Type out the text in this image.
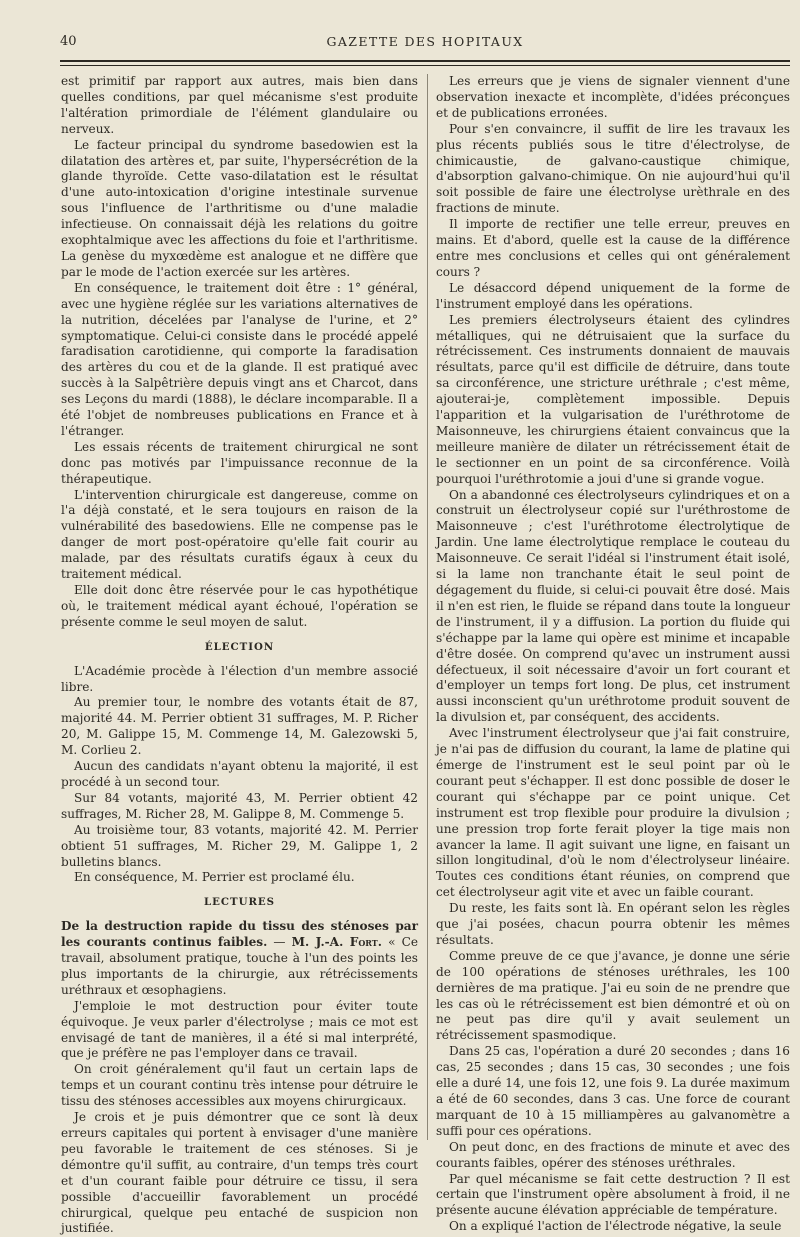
40	GAZETTE DES HOPITAUX

est primitif par rapport aux autres, mais bien dans quelles conditions, par quel mécanisme s'est produite l'altération primordiale de l'élément glandulaire ou nerveux.

Le facteur principal du syndrome basedowien est la dilatation des artères et, par suite, l'hypersécrétion de la glande thyroïde. Cette vaso-dilatation est le résultat d'une auto-intoxication d'origine intestinale survenue sous l'influence de l'arthritisme ou d'une maladie infectieuse. On connaissait déjà les relations du goitre exophtalmique avec les affections du foie et l'arthritisme. La genèse du myxœdème est analogue et ne diffère que par le mode de l'action exercée sur les artères.

En conséquence, le traitement doit être : 1° général, avec une hygiène réglée sur les variations alternatives de la nutrition, décelées par l'analyse de l'urine, et 2° symptomatique. Celui-ci consiste dans le procédé appelé faradisation carotidienne, qui comporte la faradisation des artères du cou et de la glande. Il est pratiqué avec succès à la Salpêtrière depuis vingt ans et Charcot, dans ses Leçons du mardi (1888), le déclare incomparable. Il a été l'objet de nombreuses publications en France et à l'étranger.

Les essais récents de traitement chirurgical ne sont donc pas motivés par l'impuissance reconnue de la thérapeutique.

L'intervention chirurgicale est dangereuse, comme on l'a déjà constaté, et le sera toujours en raison de la vulnérabilité des basedowiens. Elle ne compense pas le danger de mort post-opératoire qu'elle fait courir au malade, par des résultats curatifs égaux à ceux du traitement médical.

Elle doit donc être réservée pour le cas hypothétique où, le traitement médical ayant échoué, l'opération se présente comme le seul moyen de salut.

ÉLECTION

L'Académie procède à l'élection d'un membre associé libre.

Au premier tour, le nombre des votants était de 87, majorité 44. M. Perrier obtient 31 suffrages, M. P. Richer 20, M. Galippe 15, M. Commenge 14, M. Galezowski 5, M. Corlieu 2.

Aucun des candidats n'ayant obtenu la majorité, il est procédé à un second tour.

Sur 84 votants, majorité 43, M. Perrier obtient 42 suffrages, M. Richer 28, M. Galippe 8, M. Commenge 5.

Au troisième tour, 83 votants, majorité 42. M. Perrier obtient 51 suffrages, M. Richer 29, M. Galippe 1, 2 bulletins blancs.

En conséquence, M. Perrier est proclamé élu.

LECTURES

De la destruction rapide du tissu des sténoses par les courants continus faibles. — M. J.-A. Fort. « Ce travail, absolument pratique, touche à l'un des points les plus importants de la chirurgie, aux rétrécissements uréthraux et œsophagiens.

J'emploie le mot destruction pour éviter toute équivoque. Je veux parler d'électrolyse ; mais ce mot est envisagé de tant de manières, il a été si mal interprété, que je préfère ne pas l'employer dans ce travail.

On croit généralement qu'il faut un certain laps de temps et un courant continu très intense pour détruire le tissu des sténoses accessibles aux moyens chirurgicaux.

Je crois et je puis démontrer que ce sont là deux erreurs capitales qui portent à envisager d'une manière peu favorable le traitement de ces sténoses. Si je démontre qu'il suffit, au contraire, d'un temps très court et d'un courant faible pour détruire ce tissu, il sera possible d'accueillir favorablement un procédé chirurgical, quelque peu entaché de suspicion non justifiée.

Les erreurs que je viens de signaler viennent d'une observation inexacte et incomplète, d'idées préconçues et de publications erronées.

Pour s'en convaincre, il suffit de lire les travaux les plus récents publiés sous le titre d'électrolyse, de chimicaustie, de galvano-caustique chimique, d'absorption galvano-chimique. On nie aujourd'hui qu'il soit possible de faire une électrolyse urèthrale en des fractions de minute.

Il importe de rectifier une telle erreur, preuves en mains. Et d'abord, quelle est la cause de la différence entre mes conclusions et celles qui ont généralement cours ?

Le désaccord dépend uniquement de la forme de l'instrument employé dans les opérations.

Les premiers électrolyseurs étaient des cylindres métalliques, qui ne détruisaient que la surface du rétrécissement. Ces instruments donnaient de mauvais résultats, parce qu'il est difficile de détruire, dans toute sa circonférence, une stricture uréthrale ; c'est même, ajouterai-je, complètement impossible. Depuis l'apparition et la vulgarisation de l'uréthrotome de Maisonneuve, les chirurgiens étaient convaincus que la meilleure manière de dilater un rétrécissement était de le sectionner en un point de sa circonférence. Voilà pourquoi l'uréthrotomie a joui d'une si grande vogue.

On a abandonné ces électrolyseurs cylindriques et on a construit un électrolyseur copié sur l'uréthrostome de Maisonneuve ; c'est l'uréthrotome électrolytique de Jardin. Une lame électrolytique remplace le couteau du Maisonneuve. Ce serait l'idéal si l'instrument était isolé, si la lame non tranchante était le seul point de dégagement du fluide, si celui-ci pouvait être dosé. Mais il n'en est rien, le fluide se répand dans toute la longueur de l'instrument, il y a diffusion. La portion du fluide qui s'échappe par la lame qui opère est minime et incapable d'être dosée. On comprend qu'avec un instrument aussi défectueux, il soit nécessaire d'avoir un fort courant et d'employer un temps fort long. De plus, cet instrument aussi inconscient qu'un uréthrotome produit souvent de la divulsion et, par conséquent, des accidents.

Avec l'instrument électrolyseur que j'ai fait construire, je n'ai pas de diffusion du courant, la lame de platine qui émerge de l'instrument est le seul point par où le courant peut s'échapper. Il est donc possible de doser le courant qui s'échappe par ce point unique. Cet instrument est trop flexible pour produire la divulsion ; une pression trop forte ferait ployer la tige mais non avancer la lame. Il agit suivant une ligne, en faisant un sillon longitudinal, d'où le nom d'électrolyseur linéaire. Toutes ces conditions étant réunies, on comprend que cet électrolyseur agit vite et avec un faible courant.

Du reste, les faits sont là. En opérant selon les règles que j'ai posées, chacun pourra obtenir les mêmes résultats.

Comme preuve de ce que j'avance, je donne une série de 100 opérations de sténoses uréthrales, les 100 dernières de ma pratique. J'ai eu soin de ne prendre que les cas où le rétrécissement est bien démontré et où on ne peut pas dire qu'il y avait seulement un rétrécissement spasmodique.

Dans 25 cas, l'opération a duré 20 secondes ; dans 16 cas, 25 secondes ; dans 15 cas, 30 secondes ; une fois elle a duré 14, une fois 12, une fois 9. La durée maximum a été de 60 secondes, dans 3 cas. Une force de courant marquant de 10 à 15 milliampères au galvanomètre a suffi pour ces opérations.

On peut donc, en des fractions de minute et avec des courants faibles, opérer des sténoses uréthrales.

Par quel mécanisme se fait cette destruction ? Il est certain que l'instrument opère absolument à froid, il ne présente aucune élévation appréciable de température.

On a expliqué l'action de l'électrode négative, la seule
